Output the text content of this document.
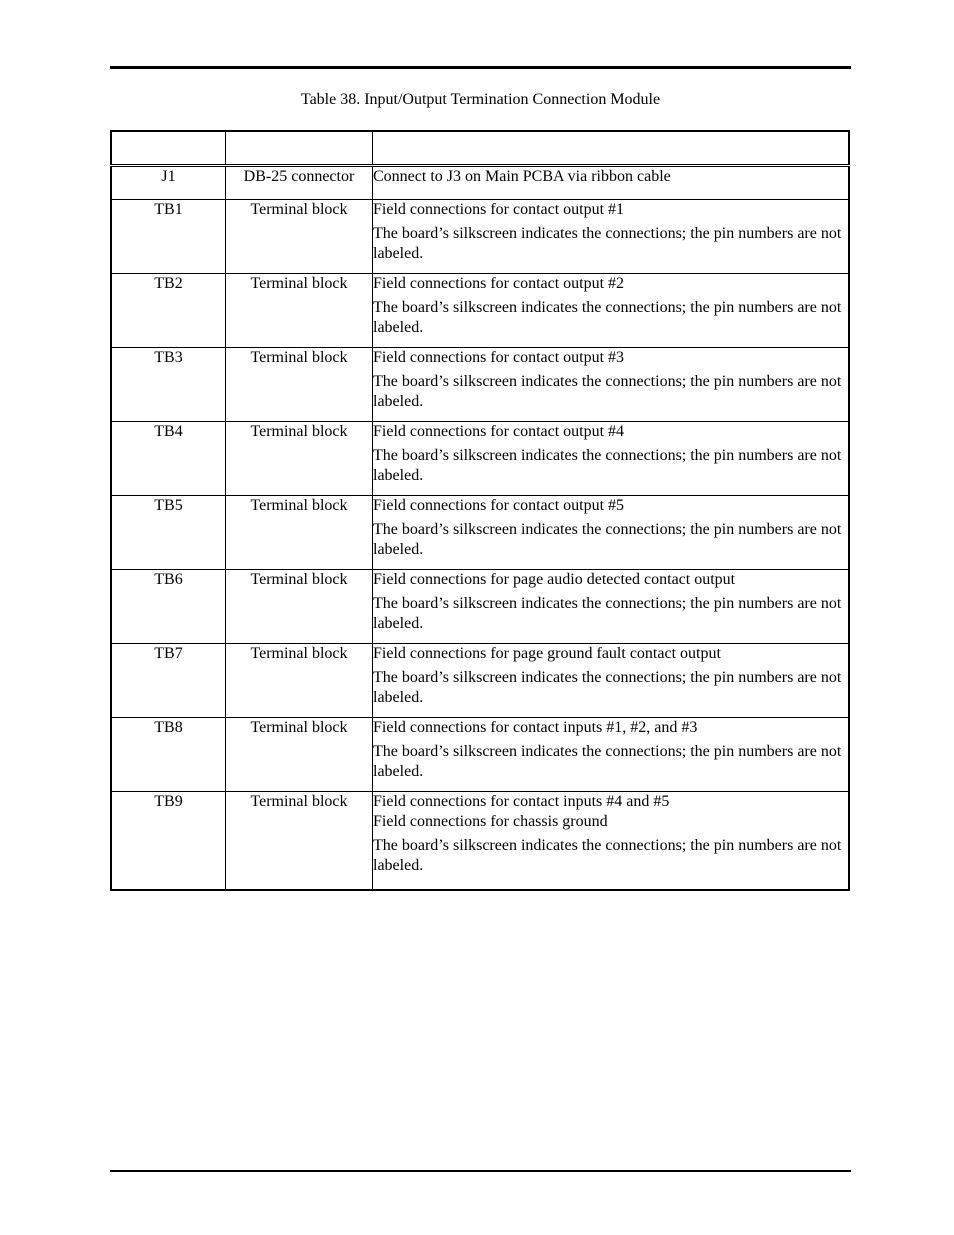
Table 38. Input/Output Termination Connection Module

J1	DB-25 connector	Connect to J3 on Main PCBA via ribbon cable

TB1	Terminal block	Field connections for contact output #1
The board’s silkscreen indicates the connections; the pin numbers are not labeled.

TB2	Terminal block	Field connections for contact output #2
The board’s silkscreen indicates the connections; the pin numbers are not labeled.

TB3	Terminal block	Field connections for contact output #3
The board’s silkscreen indicates the connections; the pin numbers are not labeled.

TB4	Terminal block	Field connections for contact output #4
The board’s silkscreen indicates the connections; the pin numbers are not labeled.

TB5	Terminal block	Field connections for contact output #5
The board’s silkscreen indicates the connections; the pin numbers are not labeled.

TB6	Terminal block	Field connections for page audio detected contact output
The board’s silkscreen indicates the connections; the pin numbers are not labeled.

TB7	Terminal block	Field connections for page ground fault contact output
The board’s silkscreen indicates the connections; the pin numbers are not labeled.

TB8	Terminal block	Field connections for contact inputs #1, #2, and #3
The board’s silkscreen indicates the connections; the pin numbers are not labeled.

TB9	Terminal block	Field connections for contact inputs #4 and #5
Field connections for chassis ground
The board’s silkscreen indicates the connections; the pin numbers are not labeled.
